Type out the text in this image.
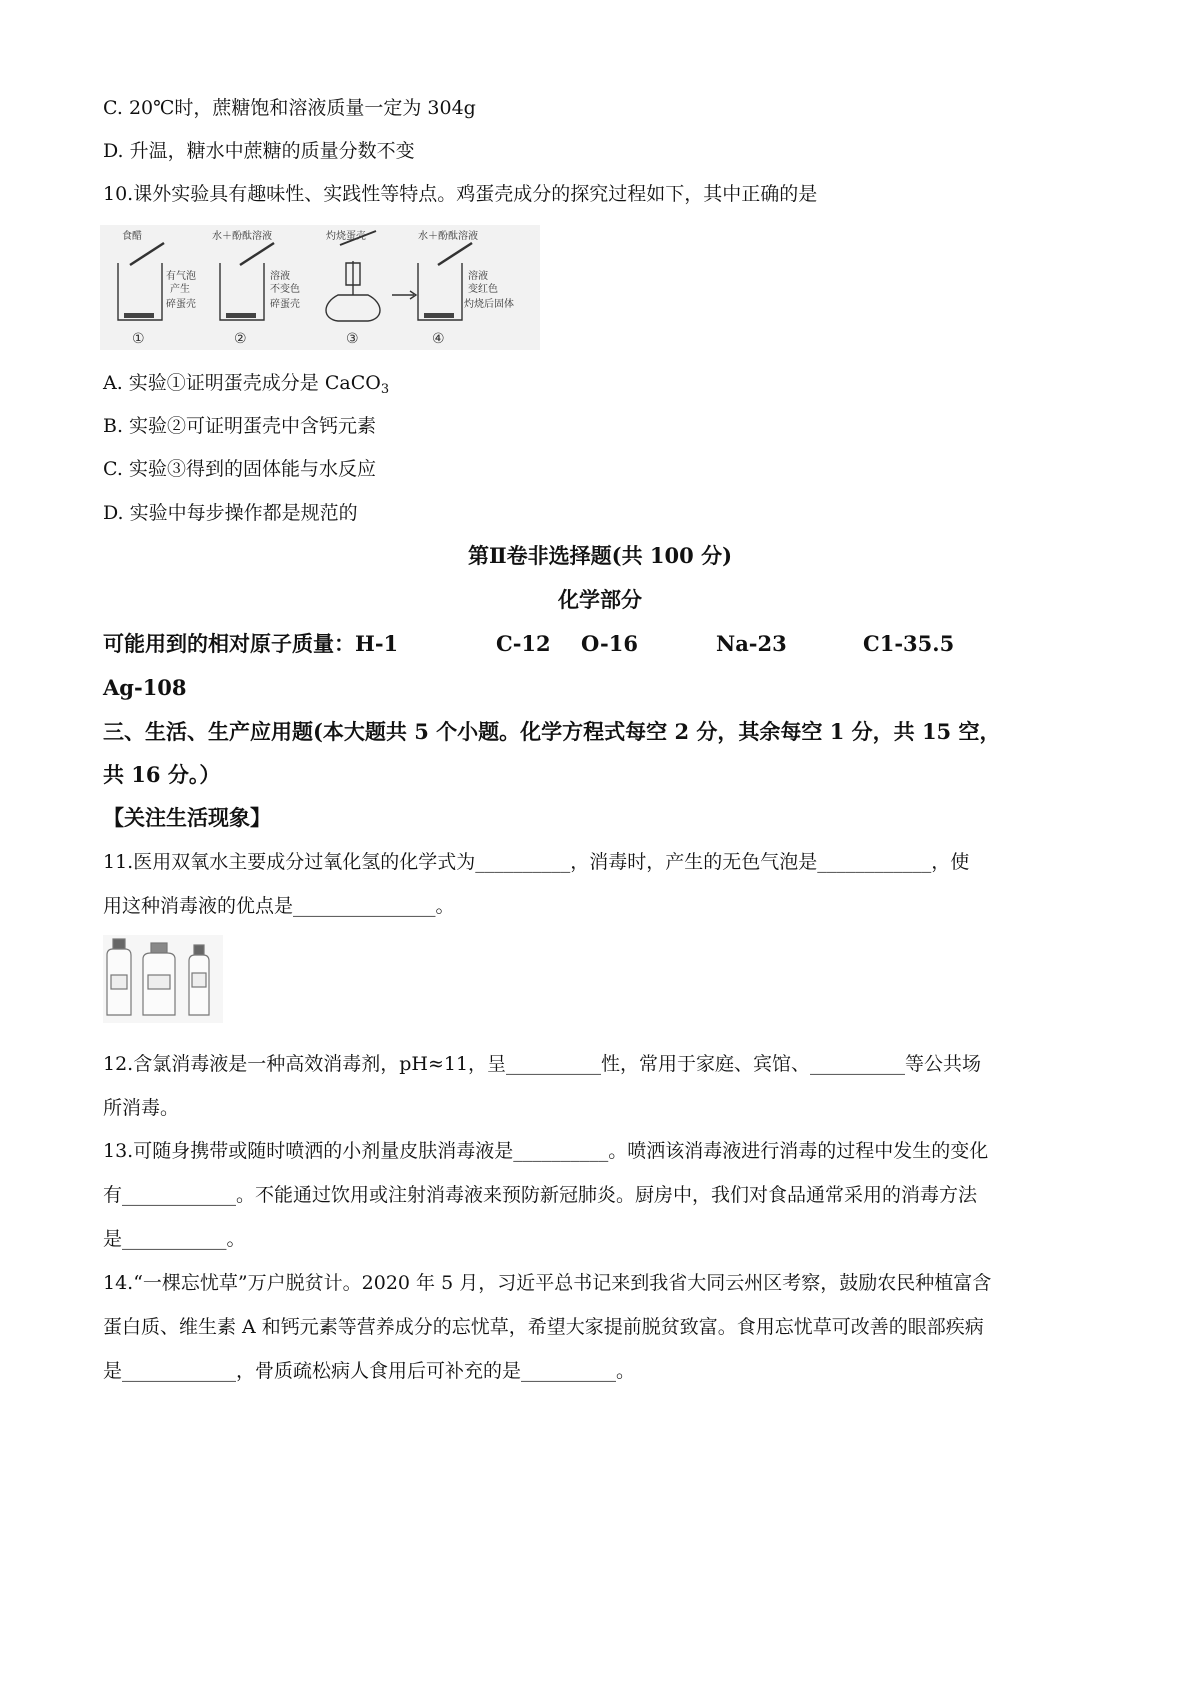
C. 20℃时，蔗糖饱和溶液质量一定为 304g
D. 升温，糖水中蔗糖的质量分数不变
10.课外实验具有趣味性、实践性等特点。鸡蛋壳成分的探究过程如下，其中正确的是
食醋
有气泡
产生
碎蛋壳
水＋酚酞溶液
溶液
不变色
碎蛋壳
灼烧蛋壳	水＋酚酞溶液
溶液
变红色
灼烧后固体
①	②	③	④
A. 实验①证明蛋壳成分是 CaCO$_3$
B. 实验②可证明蛋壳中含钙元素
C. 实验③得到的固体能与水反应
D. 实验中每步操作都是规范的
第Ⅱ卷非选择题(共 100 分)
化学部分
可能用到的相对原子质量：H-1	C-12 O-16	Na-23	C1-35.5
Ag-108
三、生活、生产应用题(本大题共 5 个小题。化学方程式每空 2 分，其余每空 1 分，共 15 空，
共 16 分。）
【关注生活现象】
11.医用双氧水主要成分过氧化氢的化学式为__________，消毒时，产生的无色气泡是____________，使
用这种消毒液的优点是_______________。
12.含氯消毒液是一种高效消毒剂，pH≈11，呈__________性，常用于家庭、宾馆、__________等公共场
所消毒。
13.可随身携带或随时喷洒的小剂量皮肤消毒液是__________。喷洒该消毒液进行消毒的过程中发生的变化
有____________。不能通过饮用或注射消毒液来预防新冠肺炎。厨房中，我们对食品通常采用的消毒方法
是___________。
14.“一棵忘忧草”万户脱贫计。2020 年 5 月，习近平总书记来到我省大同云州区考察，鼓励农民种植富含
蛋白质、维生素 A 和钙元素等营养成分的忘忧草，希望大家提前脱贫致富。食用忘忧草可改善的眼部疾病
是____________，骨质疏松病人食用后可补充的是__________。
